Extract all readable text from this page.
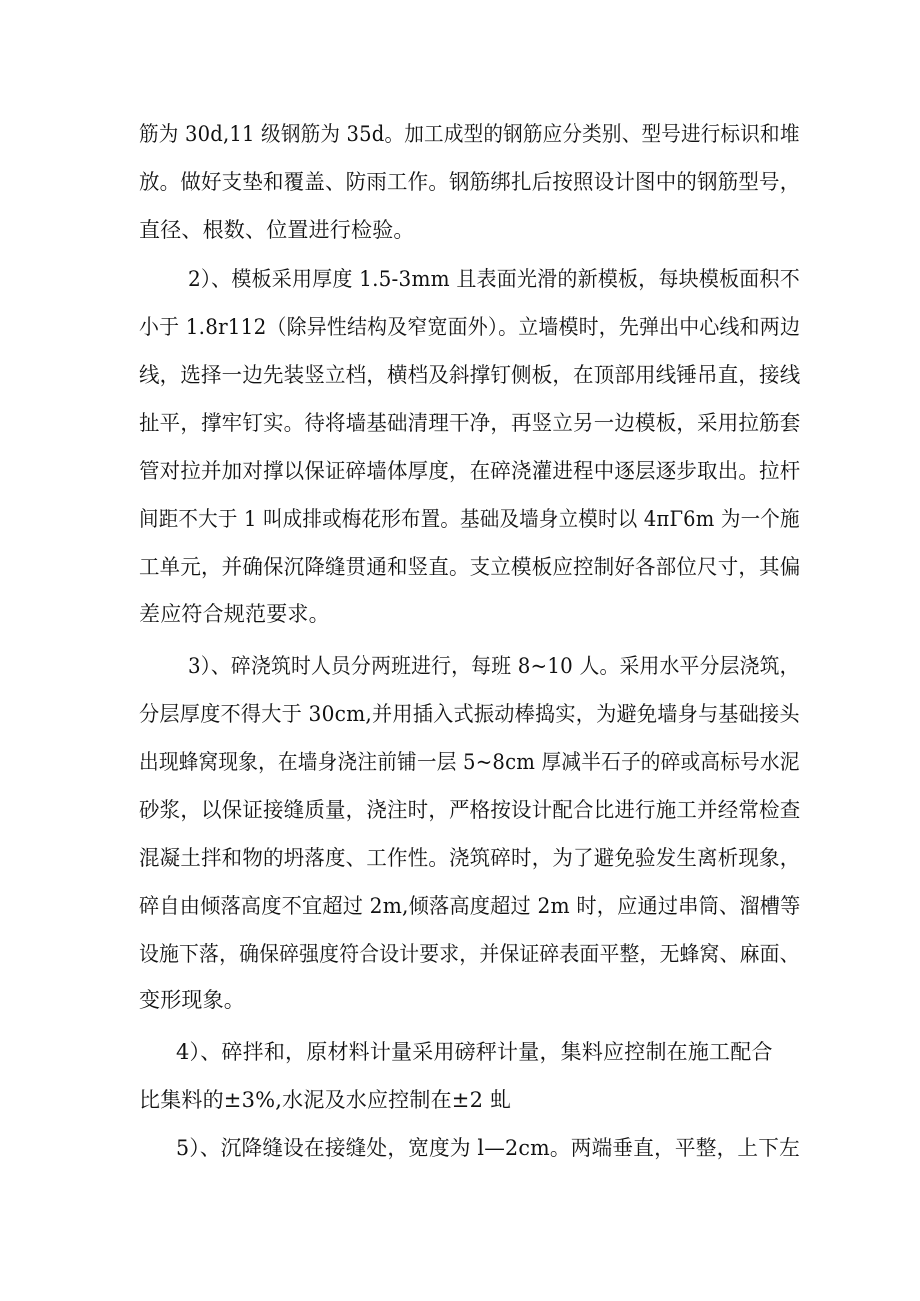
筋为 30d,11 级钢筋为 35d。加工成型的钢筋应分类别、型号进行标识和堆
放。做好支垫和覆盖、防雨工作。钢筋绑扎后按照设计图中的钢筋型号，
直径、根数、位置进行检验。
2）、模板采用厚度 1.5-3mm 且表面光滑的新模板，每块模板面积不
小于 1.8r112（除异性结构及窄宽面外）。立墙模时，先弹出中心线和两边
线，选择一边先装竖立档，横档及斜撑钉侧板，在顶部用线锤吊直，接线
扯平，撑牢钉实。待将墙基础清理干净，再竖立另一边模板，采用拉筋套
管对拉并加对撑以保证碎墙体厚度，在碎浇灌进程中逐层逐步取出。拉杆
间距不大于 1 叫成排或梅花形布置。基础及墙身立模时以 4πΓ6m 为一个施
工单元，并确保沉降缝贯通和竖直。支立模板应控制好各部位尺寸，其偏
差应符合规范要求。
3）、碎浇筑时人员分两班进行，每班 8~10 人。采用水平分层浇筑，
分层厚度不得大于 30cm,并用插入式振动棒捣实，为避免墙身与基础接头
出现蜂窝现象，在墙身浇注前铺一层 5~8cm 厚减半石子的碎或高标号水泥
砂浆，以保证接缝质量，浇注时，严格按设计配合比进行施工并经常检查
混凝土拌和物的坍落度、工作性。浇筑碎时，为了避免验发生离析现象，
碎自由倾落高度不宜超过 2m,倾落高度超过 2m 时，应通过串筒、溜槽等
设施下落，确保碎强度符合设计要求，并保证碎表面平整，无蜂窝、麻面、
变形现象。
4）、碎拌和，原材料计量采用磅秤计量，集料应控制在施工配合
比集料的±3%,水泥及水应控制在±2 虬
5）、沉降缝设在接缝处，宽度为 l—2cm。两端垂直，平整，上下左
